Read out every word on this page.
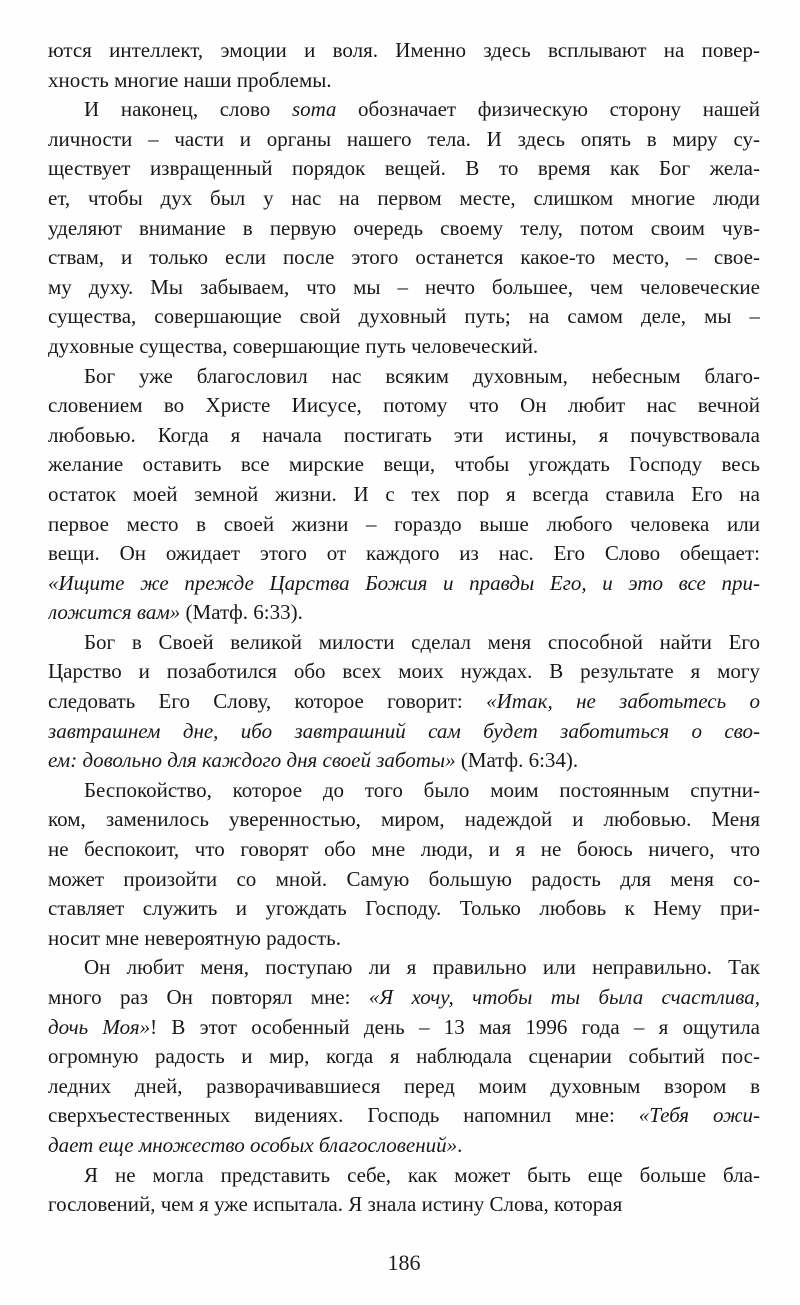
ются интеллект, эмоции и воля. Именно здесь всплывают на повер-
хность многие наши проблемы.
И наконец, слово soma обозначает физическую сторону нашей
личности – части и органы нашего тела. И здесь опять в миру су-
ществует извращенный порядок вещей. В то время как Бог жела-
ет, чтобы дух был у нас на первом месте, слишком многие люди
уделяют внимание в первую очередь своему телу, потом своим чув-
ствам, и только если после этого останется какое-то место, – свое-
му духу. Мы забываем, что мы – нечто большее, чем человеческие
существа, совершающие свой духовный путь; на самом деле, мы –
духовные существа, совершающие путь человеческий.
Бог уже благословил нас всяким духовным, небесным благо-
словением во Христе Иисусе, потому что Он любит нас вечной
любовью. Когда я начала постигать эти истины, я почувствовала
желание оставить все мирские вещи, чтобы угождать Господу весь
остаток моей земной жизни. И с тех пор я всегда ставила Его на
первое место в своей жизни – гораздо выше любого человека или
вещи. Он ожидает этого от каждого из нас. Его Слово обещает:
«Ищите же прежде Царства Божия и правды Его, и это все при-
ложится вам» (Матф. 6:33).
Бог в Своей великой милости сделал меня способной найти Его
Царство и позаботился обо всех моих нуждах. В результате я могу
следовать Его Слову, которое говорит: «Итак, не заботьтесь о
завтрашнем дне, ибо завтрашний сам будет заботиться о сво-
ем: довольно для каждого дня своей заботы» (Матф. 6:34).
Беспокойство, которое до того было моим постоянным спутни-
ком, заменилось уверенностью, миром, надеждой и любовью. Меня
не беспокоит, что говорят обо мне люди, и я не боюсь ничего, что
может произойти со мной. Самую большую радость для меня со-
ставляет служить и угождать Господу. Только любовь к Нему при-
носит мне невероятную радость.
Он любит меня, поступаю ли я правильно или неправильно. Так
много раз Он повторял мне: «Я хочу, чтобы ты была счастлива,
дочь Моя»! В этот особенный день – 13 мая 1996 года – я ощутила
огромную радость и мир, когда я наблюдала сценарии событий пос-
ледних дней, разворачивавшиеся перед моим духовным взором в
сверхъестественных видениях. Господь напомнил мне: «Тебя ожи-
дает еще множество особых благословений».
Я не могла представить себе, как может быть еще больше бла-
гословений, чем я уже испытала. Я знала истину Слова, которая
186
